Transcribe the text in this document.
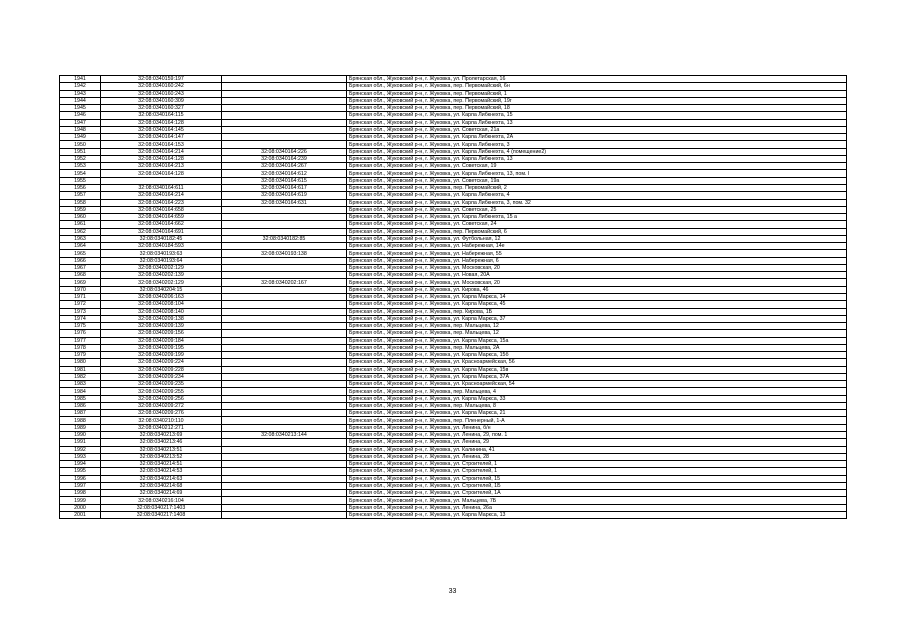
1941	32:08:0340159:197		Брянская обл., Жуковский р-н, г. Жуковка, ул. Пролетарская, 16
1942	32:08:0340160:242		Брянская обл., Жуковский р-н, г. Жуковка, пер. Первомайский, 6н
1943	32:08:0340160:243		Брянская обл., Жуковский р-н, г. Жуковка, пер. Первомайский, 1
1944	32:08:0340160:309		Брянская обл., Жуковский р-н, г. Жуковка, пер. Первомайский, 19г
1945	32:08:0340160:327		Брянская обл., Жуковский р-н, г. Жуковка, пер. Первомайский, 18
1946	32:08:0340164:115		Брянская обл., Жуковский р-н, г. Жуковка, ул. Карла Либкнехта, 15
1947	32:08:0340164:128		Брянская обл., Жуковский р-н, г. Жуковка, ул. Карла Либкнехта, 13
1948	32:08:0340164:145		Брянская обл., Жуковский р-н, г. Жуковка, ул. Советская, 21а
1949	32:08:0340164:147		Брянская обл., Жуковский р-н, г. Жуковка, ул. Карла Либкнехта, 2А
1950	32:08:0340164:153		Брянская обл., Жуковский р-н, г. Жуковка, ул. Карла Либкнехта, 3
1951	32:08:0340164:214	32:08:0340164:226	Брянская обл., Жуковский р-н, г. Жуковка, ул. Карла Либкнехта, 4 (помещение2)
1952	32:08:0340164:128	32:08:0340164:239	Брянская обл., Жуковский р-н, г. Жуковка, ул. Карла Либкнехта, 13
1953	32:08:0340164:213	32:08:0340164:267	Брянская обл., Жуковский р-н, г. Жуковка, ул. Советская, 19
1954	32:08:0340164:128	32:08:0340164:612	Брянская обл., Жуковский р-н, г. Жуковка, ул. Карла Либкнехта, 13, пом. I
1955		32:08:0340164:615	Брянская обл., Жуковский р-н, г. Жуковка, ул. Советская, 19а
1956	32:08:0340164:611	32:08:0340164:617	Брянская обл., Жуковский р-н, г. Жуковка, пер. Первомайский, 2
1957	32:08:0340164:214	32:08:0340164:619	Брянская обл., Жуковский р-н, г. Жуковка, ул. Карла Либкнехта, 4
1958	32:08:0340164:223	32:08:0340164:631	Брянская обл., Жуковский р-н, г. Жуковка, ул. Карла Либкнехта, 3, пом. 32
1959	32:08:0340164:658		Брянская обл., Жуковский р-н, г. Жуковка, ул. Советская, 25
1960	32:08:0340164:659		Брянская обл., Жуковский р-н, г. Жуковка, ул. Карла Либкнехта, 15 а
1961	32:08:0340164:662		Брянская обл., Жуковский р-н, г. Жуковка, ул. Советская, 24
1962	32:08:0340164:691		Брянская обл., Жуковский р-н, г. Жуковка, пер. Первомайский, 6
1963	32:08:0340182:45	32:08:0340182:85	Брянская обл., Жуковский р-н, г. Жуковка, ул. Футбольная, 12
1964	32:08:0340184:593		Брянская обл., Жуковский р-н, г. Жуковка, ул. Набережная, 14е
1965	32:08:0340193:63	32:08:0340193:138	Брянская обл., Жуковский р-н, г. Жуковка, ул. Набережная, 55
1966	32:08:0340193:64		Брянская обл., Жуковский р-н, г. Жуковка, ул. Набережная, 6
1967	32:08:0340202:129		Брянская обл., Жуковский р-н, г. Жуковка, ул. Московская, 20
1968	32:08:0340202:139		Брянская обл., Жуковский р-н, г. Жуковка, ул. Новая, 20А
1969	32:08:0340202:129	32:08:0340202:167	Брянская обл., Жуковский р-н, г. Жуковка, ул. Московская, 20
1970	32:08:0340204:15		Брянская обл., Жуковский р-н, г. Жуковка, ул. Кирова, 46
1971	32:08:0340206:163		Брянская обл., Жуковский р-н, г. Жуковка, ул. Карла Маркса, 14
1972	32:08:0340208:104		Брянская обл., Жуковский р-н, г. Жуковка, ул. Карла Маркса, 45
1973	32:08:0340208:140		Брянская обл., Жуковский р-н, г. Жуковка, пер. Кирова, 1Б
1974	32:08:0340209:138		Брянская обл., Жуковский р-н, г. Жуковка, ул. Карла Маркса, 37
1975	32:08:0340209:139		Брянская обл., Жуковский р-н, г. Жуковка, пер. Мальцева, 12
1976	32:08:0340209:156		Брянская обл., Жуковский р-н, г. Жуковка, пер. Мальцева, 12
1977	32:08:0340209:184		Брянская обл., Жуковский р-н, г. Жуковка, ул. Карла Маркса, 15а
1978	32:08:0340209:195		Брянская обл., Жуковский р-н, г. Жуковка, пер. Мальцева, 2А
1979	32:08:0340209:199		Брянская обл., Жуковский р-н, г. Жуковка, ул. Карла Маркса, 15б
1980	32:08:0340209:224		Брянская обл., Жуковский р-н, г. Жуковка, ул. Красноармейская, 56
1981	32:08:0340209:228		Брянская обл., Жуковский р-н, г. Жуковка, ул. Карла Маркса, 15в
1982	32:08:0340209:234		Брянская обл., Жуковский р-н, г. Жуковка, ул. Карла Маркса, 37А
1983	32:08:0340209:235		Брянская обл., Жуковский р-н, г. Жуковка, ул. Красноармейская, 54
1984	32:08:0340209:255		Брянская обл., Жуковский р-н, г. Жуковка, пер. Мальцева, 4
1985	32:08:0340209:256		Брянская обл., Жуковский р-н, г. Жуковка, ул. Карла Маркса, 33
1986	32:08:0340209:272		Брянская обл., Жуковский р-н, г. Жуковка, пер. Мальцева, 8
1987	32:08:0340209:276		Брянская обл., Жуковский р-н, г. Жуковка, ул. Карла Маркса, 21
1988	32:08:0340210:110		Брянская обл., Жуковский р-н, г. Жуковка, пер. Пленерный, 1-А
1989	32:08:0340212:271		Брянская обл., Жуковский р-н, г. Жуковка, ул. Ленина, б/н
1990	32:08:0340213:69	32:08:0340213:144	Брянская обл., Жуковский р-н, г. Жуковка, ул. Ленина, 29, пом. 1
1991	32:08:0340213:46		Брянская обл., Жуковский р-н, г. Жуковка, ул. Ленина, 29
1992	32:08:0340213:51		Брянская обл., Жуковский р-н, г. Жуковка, ул. Калинина, 41
1993	32:08:0340213:52		Брянская обл., Жуковский р-н, г. Жуковка, ул. Ленина, 28
1994	32:08:0340214:51		Брянская обл., Жуковский р-н, г. Жуковка, ул. Строителей, 1
1995	32:08:0340214:53		Брянская обл., Жуковский р-н, г. Жуковка, ул. Строителей, 1
1996	32:08:0340214:63		Брянская обл., Жуковский р-н, г. Жуковка, ул. Строителей, 15
1997	32:08:0340214:68		Брянская обл., Жуковский р-н, г. Жуковка, ул. Строителей, 1Б
1998	32:08:0340214:69		Брянская обл., Жуковский р-н, г. Жуковка, ул. Строителей, 1А
1999	32:08:0340216:104		Брянская обл., Жуковский р-н, г. Жуковка, ул. Мальцева, 7Б
2000	32:08:0340217:1403		Брянская обл., Жуковский р-н, г. Жуковка, ул. Ленина, 26а
2001	32:08:0340217:1408		Брянская обл., Жуковский р-н, г. Жуковка, ул. Карла Маркса, 13
33
